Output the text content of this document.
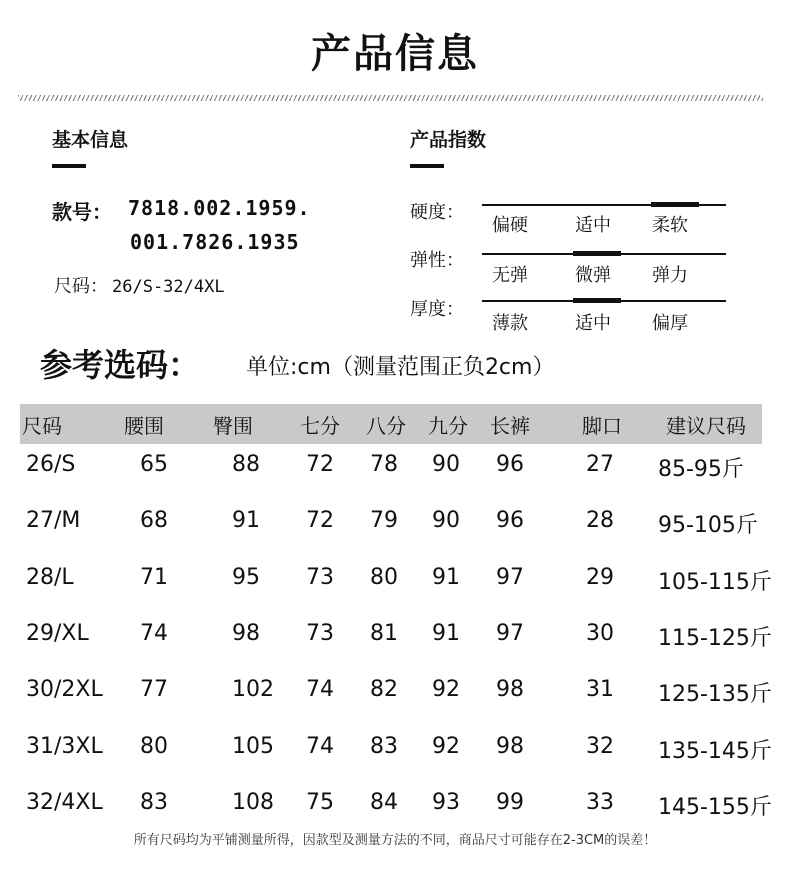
产品信息
基本信息
款号： 7818.002.1959.
001.7826.1935
尺码： 26/S-32/4XL
产品指数
硬度：
偏硬	适中 柔软
弹性：
无弹	微弹 弹力
厚度：
薄款	适中 偏厚
参考选码： 单位:cm（测量范围正负2cm）
尺码	腰围 臀围 七分 八分 九分 长裤	脚口 建议尺码
26/S	65	88 72 78 90 96	27 85-95斤
27/M	68	91 72 79 90 96	28 95-105斤
28/L	71	95 73 80 91 97	29 105-115斤
29/XL 74	98 73 81 91 97	30 115-125斤
30/2XL 77	102 74 82 92 98	31 125-135斤
31/3XL 80	105 74 83 92 98	32 135-145斤
32/4XL 83	108 75 84 93 99	33 145-155斤
所有尺码均为平铺测量所得，因款型及测量方法的不同，商品尺寸可能存在2-3CM的误差！
